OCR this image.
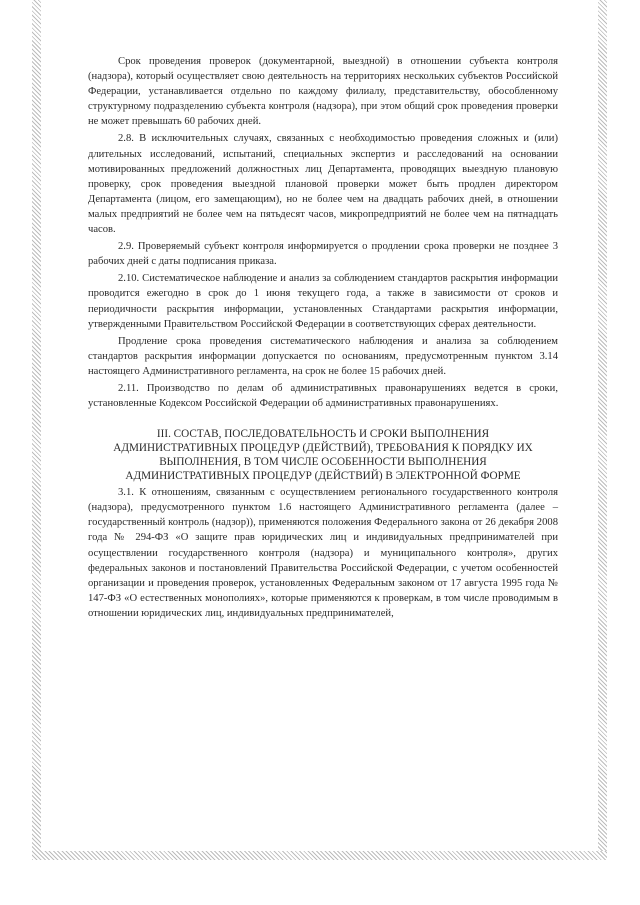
Срок проведения проверок (документарной, выездной) в отношении субъекта контроля (надзора), который осуществляет свою деятельность на территориях нескольких субъектов Российской Федерации, устанавливается отдельно по каждому филиалу, представительству, обособленному структурному подразделению субъекта контроля (надзора), при этом общий срок проведения проверки не может превышать 60 рабочих дней.

2.8. В исключительных случаях, связанных с необходимостью проведения сложных и (или) длительных исследований, испытаний, специальных экспертиз и расследований на основании мотивированных предложений должностных лиц Департамента, проводящих выездную плановую проверку, срок проведения выездной плановой проверки может быть продлен директором Департамента (лицом, его замещающим), но не более чем на двадцать рабочих дней, в отношении малых предприятий не более чем на пятьдесят часов, микропредприятий не более чем на пятнадцать часов.

2.9. Проверяемый субъект контроля информируется о продлении срока проверки не позднее 3 рабочих дней с даты подписания приказа.

2.10. Систематическое наблюдение и анализ за соблюдением стандартов раскрытия информации проводится ежегодно в срок до 1 июня текущего года, а также в зависимости от сроков и периодичности раскрытия информации, установленных Стандартами раскрытия информации, утвержденными Правительством Российской Федерации в соответствующих сферах деятельности.

Продление срока проведения систематического наблюдения и анализа за соблюдением стандартов раскрытия информации допускается по основаниям, предусмотренным пунктом 3.14 настоящего Административного регламента, на срок не более 15 рабочих дней.

2.11. Производство по делам об административных правонарушениях ведется в сроки, установленные Кодексом Российской Федерации об административных правонарушениях.

III. СОСТАВ, ПОСЛЕДОВАТЕЛЬНОСТЬ И СРОКИ ВЫПОЛНЕНИЯ АДМИНИСТРАТИВНЫХ ПРОЦЕДУР (ДЕЙСТВИЙ), ТРЕБОВАНИЯ К ПОРЯДКУ ИХ ВЫПОЛНЕНИЯ, В ТОМ ЧИСЛЕ ОСОБЕННОСТИ ВЫПОЛНЕНИЯ АДМИНИСТРАТИВНЫХ ПРОЦЕДУР (ДЕЙСТВИЙ) В ЭЛЕКТРОННОЙ ФОРМЕ

3.1. К отношениям, связанным с осуществлением регионального государственного контроля (надзора), предусмотренного пунктом 1.6 настоящего Административного регламента (далее – государственный контроль (надзор)), применяются положения Федерального закона от 26 декабря 2008 года № 294-ФЗ «О защите прав юридических лиц и индивидуальных предпринимателей при осуществлении государственного контроля (надзора) и муниципального контроля», других федеральных законов и постановлений Правительства Российской Федерации, с учетом особенностей организации и проведения проверок, установленных Федеральным законом от 17 августа 1995 года № 147-ФЗ «О естественных монополиях», которые применяются к проверкам, в том числе проводимым в отношении юридических лиц, индивидуальных предпринимателей,
